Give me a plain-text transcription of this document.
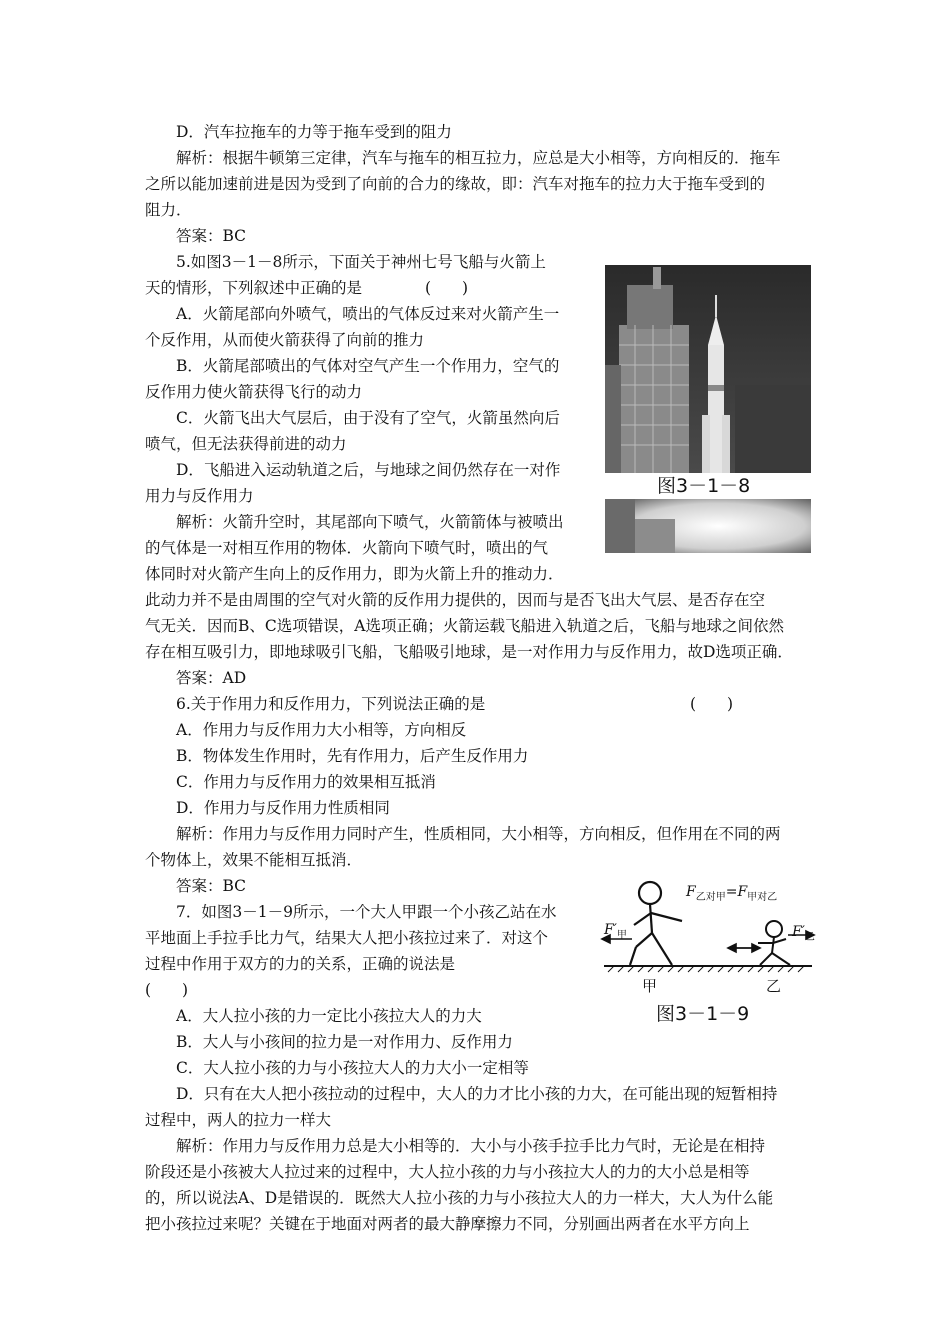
D．汽车拉拖车的力等于拖车受到的阻力
解析：根据牛顿第三定律，汽车与拖车的相互拉力，应总是大小相等，方向相反的．拖车
之所以能加速前进是因为受到了向前的合力的缘故，即：汽车对拖车的拉力大于拖车受到的
阻力．
答案：BC
5.如图3－1－8所示，下面关于神州七号飞船与火箭上
天的情形，下列叙述中正确的是	(　　)
A．火箭尾部向外喷气，喷出的气体反过来对火箭产生一
个反作用，从而使火箭获得了向前的推力
B．火箭尾部喷出的气体对空气产生一个作用力，空气的
反作用力使火箭获得飞行的动力
C．火箭飞出大气层后，由于没有了空气，火箭虽然向后
喷气，但无法获得前进的动力
D．飞船进入运动轨道之后，与地球之间仍然存在一对作
用力与反作用力
解析：火箭升空时，其尾部向下喷气，火箭箭体与被喷出
的气体是一对相互作用的物体．火箭向下喷气时，喷出的气
体同时对火箭产生向上的反作用力，即为火箭上升的推动力．
此动力并不是由周围的空气对火箭的反作用力提供的，因而与是否飞出大气层、是否存在空
气无关．因而B、C选项错误，A选项正确；火箭运载飞船进入轨道之后，飞船与地球之间依然
存在相互吸引力，即地球吸引飞船，飞船吸引地球，是一对作用力与反作用力，故D选项正确．
答案：AD
6.关于作用力和反作用力，下列说法正确的是	(　　)
A．作用力与反作用力大小相等，方向相反
B．物体发生作用时，先有作用力，后产生反作用力
C．作用力与反作用力的效果相互抵消
D．作用力与反作用力性质相同
解析：作用力与反作用力同时产生，性质相同，大小相等，方向相反，但作用在不同的两
个物体上，效果不能相互抵消．
答案：BC
7．如图3－1－9所示，一个大人甲跟一个小孩乙站在水
平地面上手拉手比力气，结果大人把小孩拉过来了．对这个
过程中作用于双方的力的关系，正确的说法是
(　　)
A．大人拉小孩的力一定比小孩拉大人的力大
B．大人与小孩间的拉力是一对作用力、反作用力
C．大人拉小孩的力与小孩拉大人的力大小一定相等
D．只有在大人把小孩拉动的过程中，大人的力才比小孩的力大，在可能出现的短暂相持
过程中，两人的拉力一样大
解析：作用力与反作用力总是大小相等的．大小与小孩手拉手比力气时，无论是在相持
阶段还是小孩被大人拉过来的过程中，大人拉小孩的力与小孩拉大人的力的大小总是相等
的，所以说法A、D是错误的．既然大人拉小孩的力与小孩拉大人的力一样大，大人为什么能
把小孩拉过来呢？关键在于地面对两者的最大静摩擦力不同，分别画出两者在水平方向上
图3－1－8
$F_{乙对甲}=F_{甲对乙}$
$F'_甲$	$F'_乙$
甲	乙
图3－1－9
